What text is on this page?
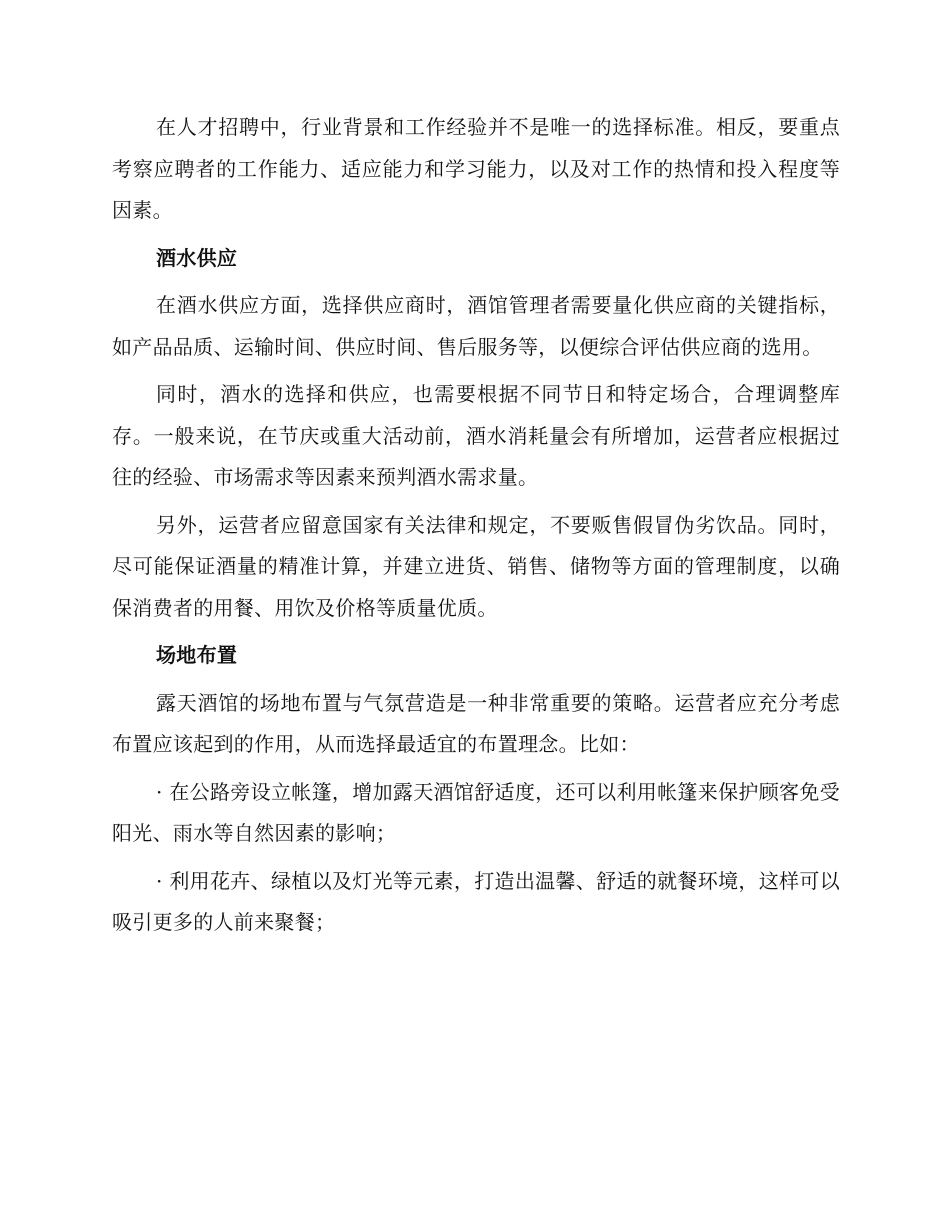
在人才招聘中，行业背景和工作经验并不是唯一的选择标准。相反，要重点考察应聘者的工作能力、适应能力和学习能力，以及对工作的热情和投入程度等因素。

酒水供应

在酒水供应方面，选择供应商时，酒馆管理者需要量化供应商的关键指标，如产品品质、运输时间、供应时间、售后服务等，以便综合评估供应商的选用。

同时，酒水的选择和供应，也需要根据不同节日和特定场合，合理调整库存。一般来说，在节庆或重大活动前，酒水消耗量会有所增加，运营者应根据过往的经验、市场需求等因素来预判酒水需求量。

另外，运营者应留意国家有关法律和规定，不要贩售假冒伪劣饮品。同时，尽可能保证酒量的精准计算，并建立进货、销售、储物等方面的管理制度，以确保消费者的用餐、用饮及价格等质量优质。

场地布置

露天酒馆的场地布置与气氛营造是一种非常重要的策略。运营者应充分考虑布置应该起到的作用，从而选择最适宜的布置理念。比如：

· 在公路旁设立帐篷，增加露天酒馆舒适度，还可以利用帐篷来保护顾客免受阳光、雨水等自然因素的影响；

· 利用花卉、绿植以及灯光等元素，打造出温馨、舒适的就餐环境，这样可以吸引更多的人前来聚餐；
